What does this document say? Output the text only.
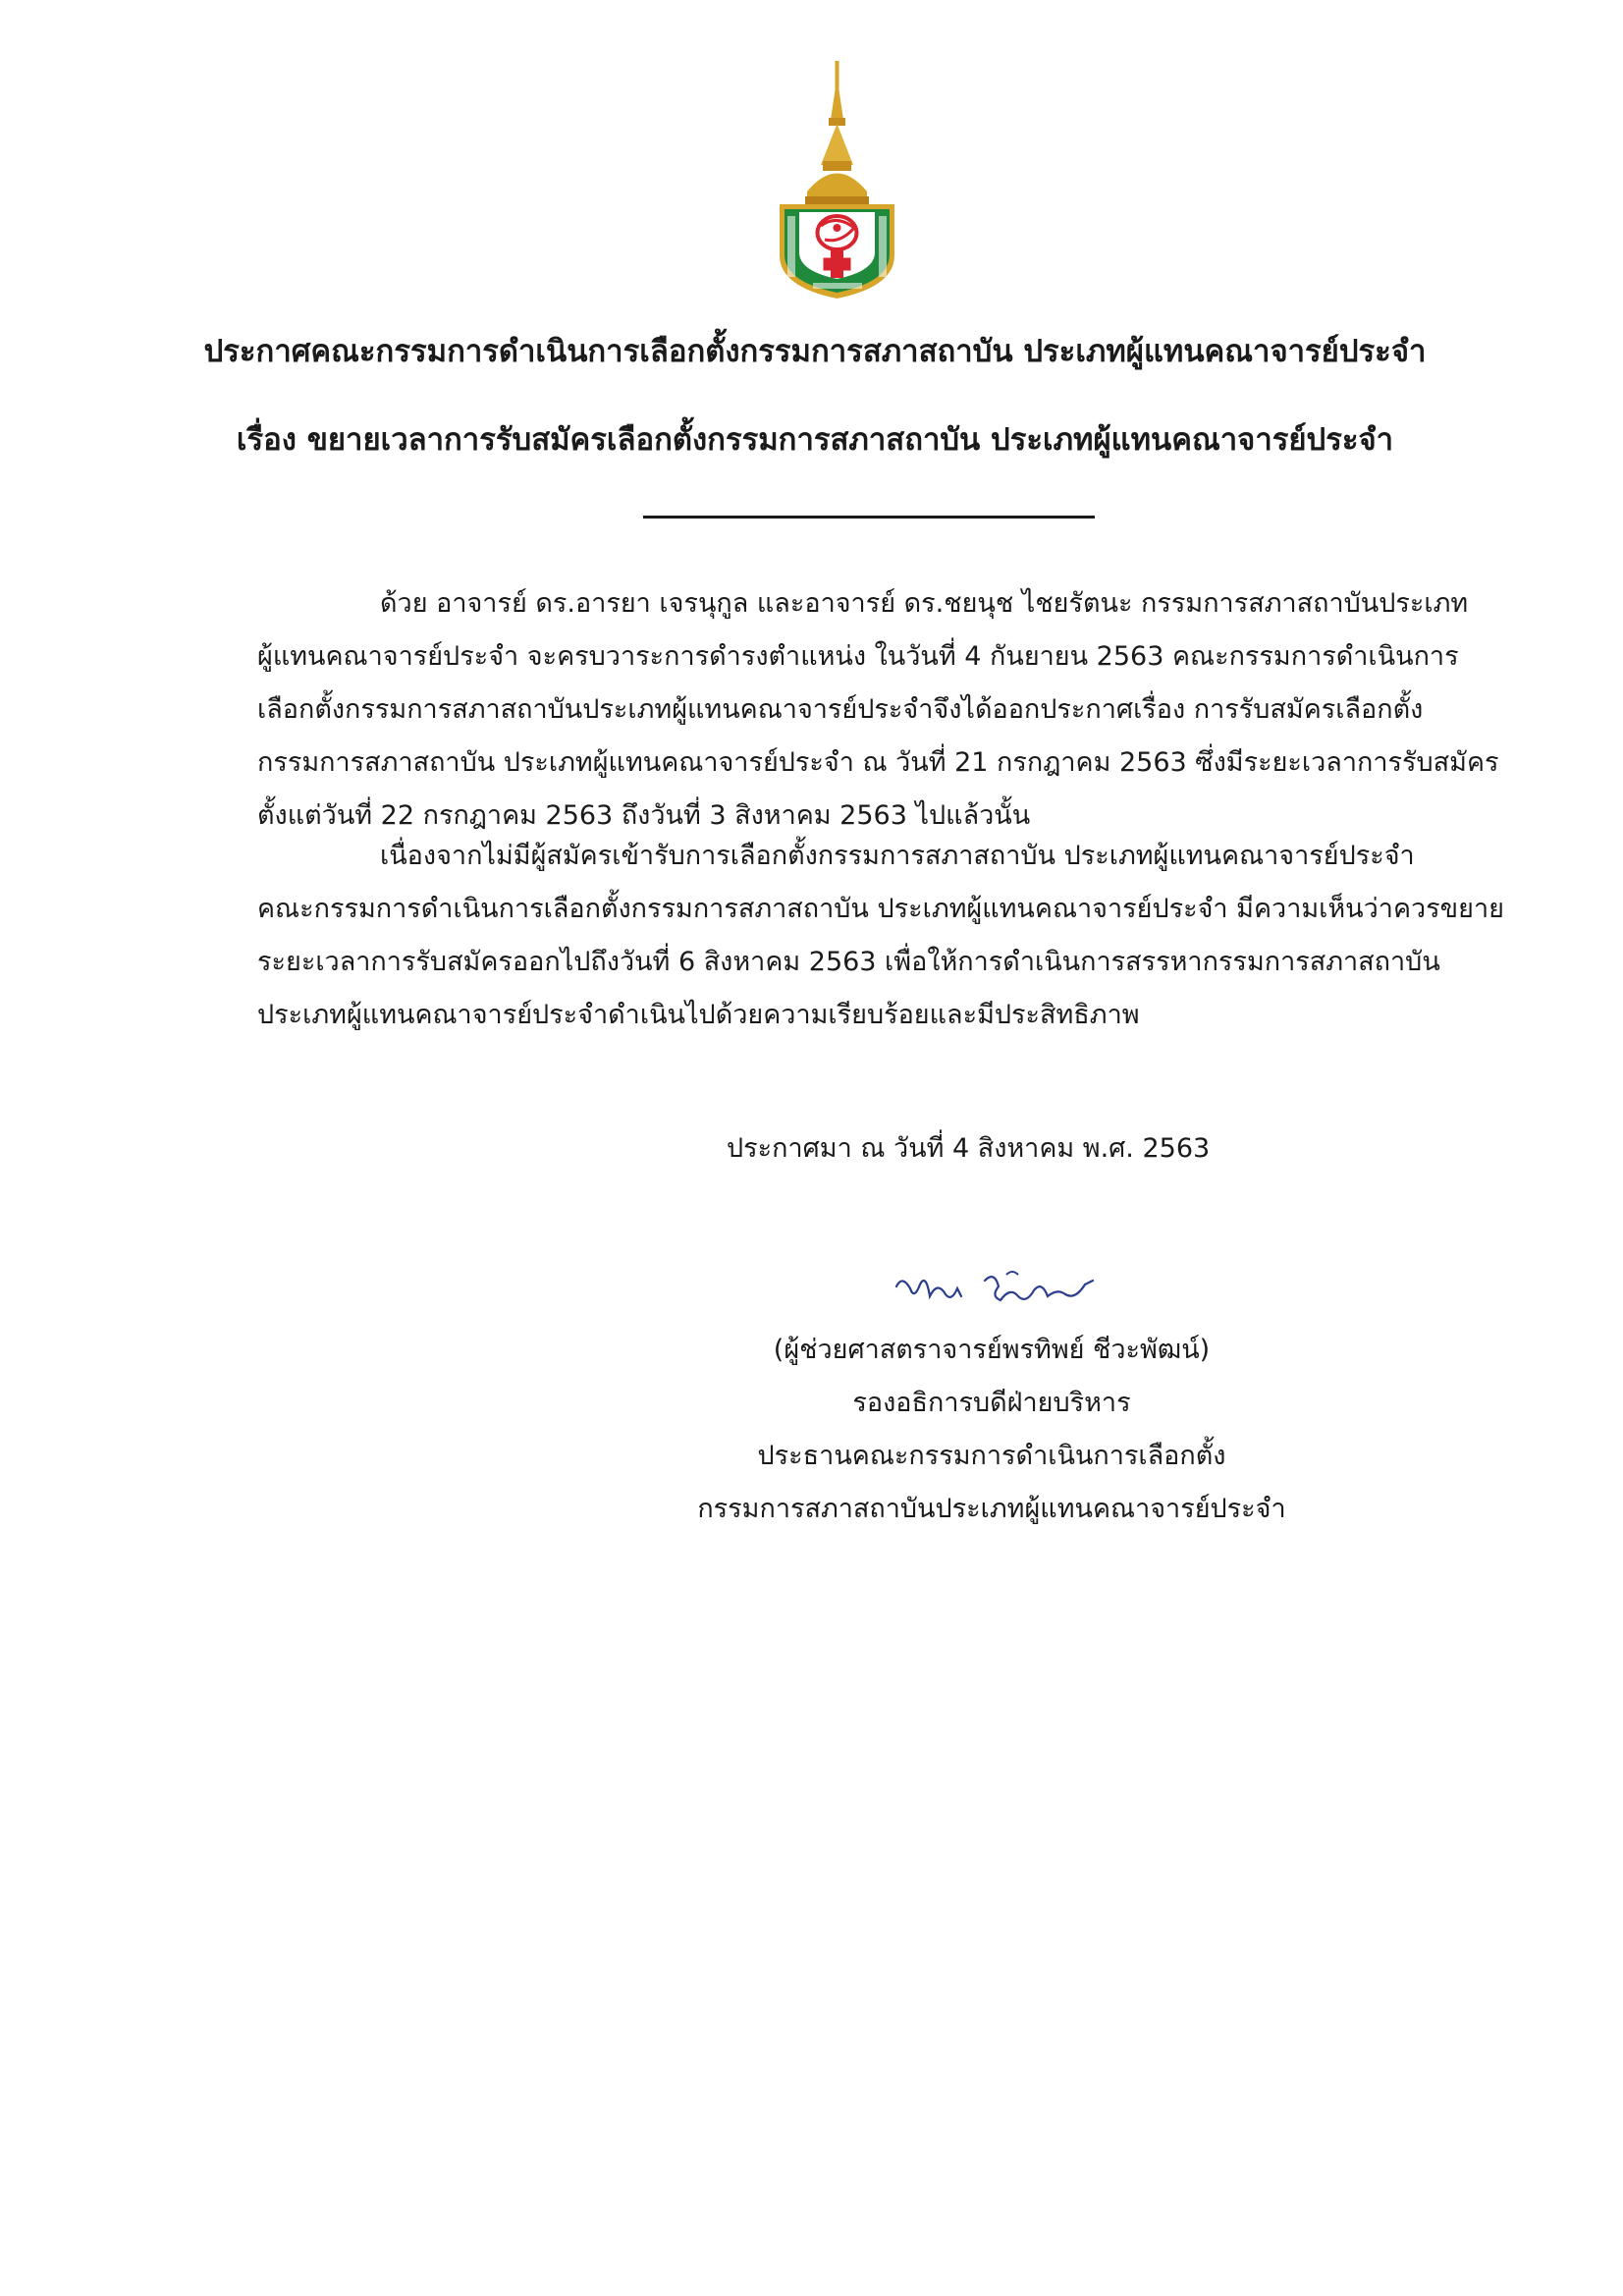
ประกาศคณะกรรมการดำเนินการเลือกตั้งกรรมการสภาสถาบัน ประเภทผู้แทนคณาจารย์ประจำ
เรื่อง ขยายเวลาการรับสมัครเลือกตั้งกรรมการสภาสถาบัน ประเภทผู้แทนคณาจารย์ประจำ
ด้วย อาจารย์ ดร.อารยา เจรนุกูล และอาจารย์ ดร.ชยนุช ไชยรัตนะ กรรมการสภาสถาบันประเภท
ผู้แทนคณาจารย์ประจำ จะครบวาระการดำรงตำแหน่ง ในวันที่ 4 กันยายน 2563 คณะกรรมการดำเนินการ
เลือกตั้งกรรมการสภาสถาบันประเภทผู้แทนคณาจารย์ประจำจึงได้ออกประกาศเรื่อง การรับสมัครเลือกตั้ง
กรรมการสภาสถาบัน ประเภทผู้แทนคณาจารย์ประจำ ณ วันที่ 21 กรกฎาคม 2563 ซึ่งมีระยะเวลาการรับสมัคร
ตั้งแต่วันที่ 22 กรกฎาคม 2563 ถึงวันที่ 3 สิงหาคม 2563 ไปแล้วนั้น
เนื่องจากไม่มีผู้สมัครเข้ารับการเลือกตั้งกรรมการสภาสถาบัน ประเภทผู้แทนคณาจารย์ประจำ
คณะกรรมการดำเนินการเลือกตั้งกรรมการสภาสถาบัน ประเภทผู้แทนคณาจารย์ประจำ มีความเห็นว่าควรขยาย
ระยะเวลาการรับสมัครออกไปถึงวันที่ 6 สิงหาคม 2563 เพื่อให้การดำเนินการสรรหากรรมการสภาสถาบัน
ประเภทผู้แทนคณาจารย์ประจำดำเนินไปด้วยความเรียบร้อยและมีประสิทธิภาพ
ประกาศมา ณ วันที่ 4 สิงหาคม พ.ศ. 2563
(ผู้ช่วยศาสตราจารย์พรทิพย์ ชีวะพัฒน์)
รองอธิการบดีฝ่ายบริหาร
ประธานคณะกรรมการดำเนินการเลือกตั้ง
กรรมการสภาสถาบันประเภทผู้แทนคณาจารย์ประจำ
